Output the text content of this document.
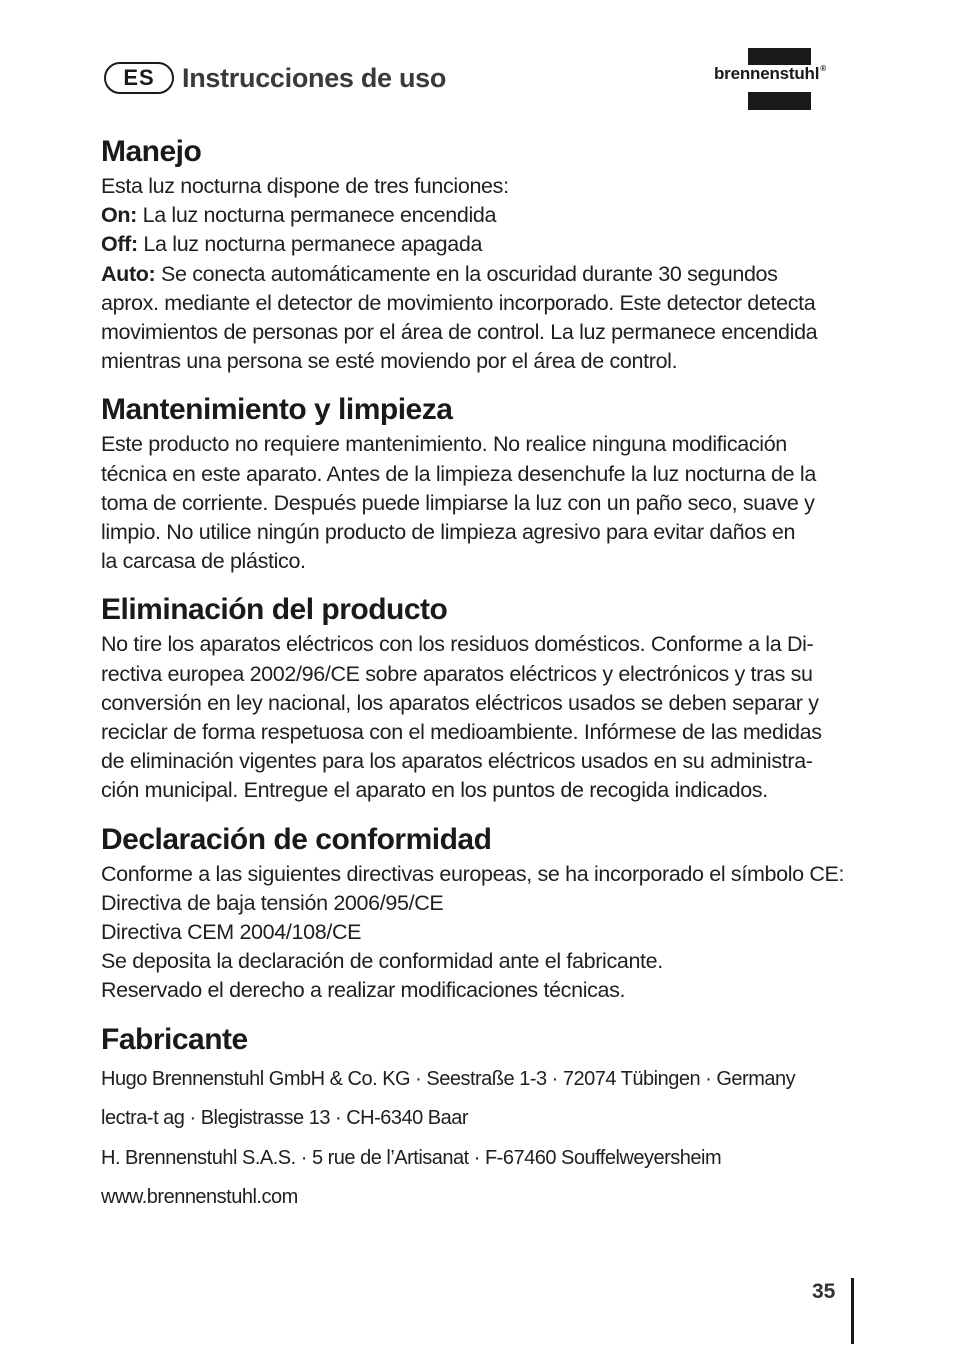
ES	Instrucciones de uso	brennenstuhl®
Manejo

Esta luz nocturna dispone de tres funciones:
On: La luz nocturna permanece encendida
Off: La luz nocturna permanece apagada
Auto: Se conecta automáticamente en la oscuridad durante 30 segundos
aprox. mediante el detector de movimiento incorporado. Este detector detecta
movimientos de personas por el área de control. La luz permanece encendida
mientras una persona se esté moviendo por el área de control.

Mantenimiento y limpieza

Este producto no requiere mantenimiento. No realice ninguna modificación
técnica en este aparato. Antes de la limpieza desenchufe la luz nocturna de la
toma de corriente. Después puede limpiarse la luz con un paño seco, suave y
limpio. No utilice ningún producto de limpieza agresivo para evitar daños en
la carcasa de plástico.

Eliminación del producto

No tire los aparatos eléctricos con los residuos domésticos. Conforme a la Di-
rectiva europea 2002/96/CE sobre aparatos eléctricos y electrónicos y tras su
conversión en ley nacional, los aparatos eléctricos usados se deben separar y
reciclar de forma respetuosa con el medioambiente. Infórmese de las medidas
de eliminación vigentes para los aparatos eléctricos usados en su administra-
ción municipal. Entregue el aparato en los puntos de recogida indicados.

Declaración de conformidad

Conforme a las siguientes directivas europeas, se ha incorporado el símbolo CE:
Directiva de baja tensión 2006/95/CE
Directiva CEM 2004/108/CE
Se deposita la declaración de conformidad ante el fabricante.
Reservado el derecho a realizar modificaciones técnicas.

Fabricante

Hugo Brennenstuhl GmbH & Co. KG · Seestraße 1-3 · 72074 Tübingen · Germany

lectra-t ag · Blegistrasse 13 · CH-6340 Baar

H. Brennenstuhl S.A.S. · 5 rue de l’Artisanat · F-67460 Souffelweyersheim

www.brennenstuhl.com

35
